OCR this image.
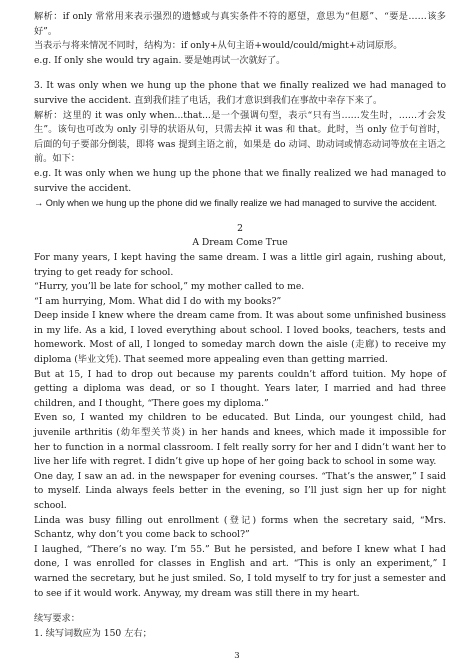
解析：if only 常常用来表示强烈的遗憾或与真实条件不符的愿望，意思为“但愿”、“要是……该多好”。

当表示与将来情况不同时，结构为：if only+从句主语+would/could/might+动词原形。

e.g. If only she would try again. 要是她再试一次就好了。

3. It was only when we hung up the phone that we finally realized we had managed to survive the accident. 直到我们挂了电话，我们才意识到我们在事故中幸存下来了。

解析：这里的 it was only when...that...是一个强调句型，表示“只有当……发生时，……才会发生”。该句也可改为 only 引导的状语从句，只需去掉 it was 和 that。此时，当 only 位于句首时，后面的句子要部分倒装，即将 was 提到主语之前，如果是 do 动词、助动词或情态动词等放在主语之前。如下：

e.g. It was only when we hung up the phone that we finally realized we had managed to survive the accident.

→ Only when we hung up the phone did we finally realize we had managed to survive the accident.

2

A Dream Come True

For many years, I kept having the same dream. I was a little girl again, rushing about, trying to get ready for school.

“Hurry, you’ll be late for school,” my mother called to me.

“I am hurrying, Mom. What did I do with my books?”

Deep inside I knew where the dream came from. It was about some unfinished business in my life. As a kid, I loved everything about school. I loved books, teachers, tests and homework. Most of all, I longed to someday march down the aisle (走廊) to receive my diploma (毕业文凭). That seemed more appealing even than getting married.

But at 15, I had to drop out because my parents couldn’t afford tuition. My hope of getting a diploma was dead, or so I thought. Years later, I married and had three children, and I thought, “There goes my diploma.”

Even so, I wanted my children to be educated. But Linda, our youngest child, had juvenile arthritis (幼年型关节炎) in her hands and knees, which made it impossible for her to function in a normal classroom. I felt really sorry for her and I didn’t want her to live her life with regret. I didn’t give up hope of her going back to school in some way.

One day, I saw an ad. in the newspaper for evening courses. “That’s the answer,” I said to myself. Linda always feels better in the evening, so I’ll just sign her up for night school.

Linda was busy filling out enrollment (登记) forms when the secretary said, “Mrs. Schantz, why don’t you come back to school?”

I laughed, “There’s no way. I’m 55.” But he persisted, and before I knew what I had done, I was enrolled for classes in English and art. “This is only an experiment,” I warned the secretary, but he just smiled. So, I told myself to try for just a semester and to see if it would work. Anyway, my dream was still there in my heart.

续写要求：

1. 续写词数应为 150 左右；

3
